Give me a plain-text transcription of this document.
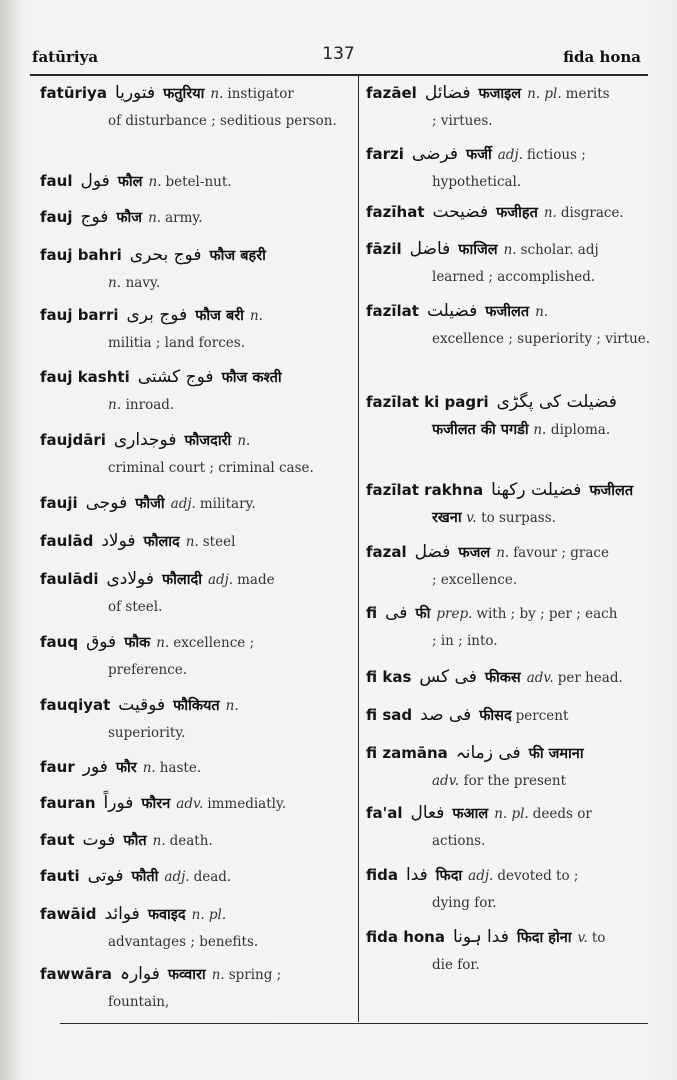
fatūriya	137	fida hona
fatūriya فتوریا फतुरिया n. instigator
of disturbance ; seditious person.
faul فول फौल n. betel-nut.
fauj فوج फौज n. army.
fauj bahri فوج بحری फौज बहरी
n. navy.
fauj barri فوج بری फौज बरी n.
militia ; land forces.
fauj kashti فوج کشتی फौज कश्ती
n. inroad.
faujdāri فوجداری फौजदारी n.
criminal court ; criminal case.
fauji فوجی फौजी adj. military.
faulād فولاد फौलाद n. steel
faulādi فولادی फौलादी adj. made
of steel.
fauq فوق फौक n. excellence ;
preference.
fauqiyat فوقیت फौकियत n.
superiority.
faur فور फौर n. haste.
fauran فوراً फौरन adv. immediatly.
faut فوت फौत n. death.
fauti فوتی फौती adj. dead.
fawāid فوائد फवाइद n. pl.
advantages ; benefits.
fawwāra فوارہ फव्वारा n. spring ;
fountain,
fazāel فضائل फजाइल n. pl. merits
; virtues.
farzi فرضی फर्जी adj. fictious ;
hypothetical.
fazīhat فضیحت फजीहत n. disgrace.
fāzil فاضل फाजिल n. scholar. adj
learned ; accomplished.
fazīlat فضیلت फजीलत n.
excellence ; superiority ; virtue.
fazīlat ki pagri فضیلت کی پگڑی
फजीलत की पगडी n. diploma.
fazīlat rakhna فضیلت رکھنا फजीलत
रखना v. to surpass.
fazal فضل फजल n. favour ; grace
; excellence.
fi فی फी prep. with ; by ; per ; each
; in ; into.
fi kas فی کس फीकस adv. per head.
fi sad فی صد फीसद percent
fi zamāna فی زمانہ फी जमाना
adv. for the present
fa'al فعال फआल n. pl. deeds or
actions.
fida فدا फिदा adj. devoted to ;
dying for.
fida hona فدا ہونا फिदा होना v. to
die for.
